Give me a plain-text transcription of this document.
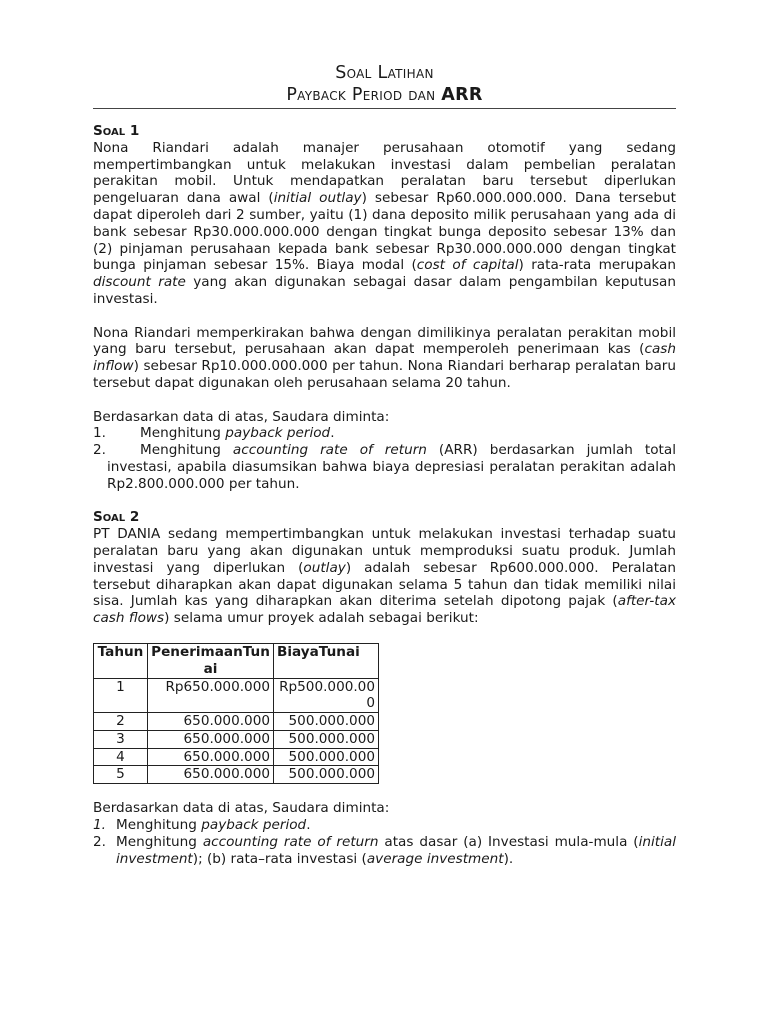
Soal Latihan
Payback Period dan ARR
Soal 1

Nona Riandari adalah manajer perusahaan otomotif yang sedang mempertimbangkan untuk melakukan investasi dalam pembelian peralatan perakitan mobil. Untuk mendapatkan peralatan baru tersebut diperlukan pengeluaran dana awal (initial outlay) sebesar Rp60.000.000.000. Dana tersebut dapat diperoleh dari 2 sumber, yaitu (1) dana deposito milik perusahaan yang ada di bank sebesar Rp30.000.000.000 dengan tingkat bunga deposito sebesar 13% dan (2) pinjaman perusahaan kepada bank sebesar Rp30.000.000.000 dengan tingkat bunga pinjaman sebesar 15%. Biaya modal (cost of capital) rata-rata merupakan discount rate yang akan digunakan sebagai dasar dalam pengambilan keputusan investasi.

Nona Riandari memperkirakan bahwa dengan dimilikinya peralatan perakitan mobil yang baru tersebut, perusahaan akan dapat memperoleh penerimaan kas (cash inflow) sebesar Rp10.000.000.000 per tahun. Nona Riandari berharap peralatan baru tersebut dapat digunakan oleh perusahaan selama 20 tahun.

Berdasarkan data di atas, Saudara diminta:
1.	Menghitung payback period.
2.	Menghitung accounting rate of return (ARR) berdasarkan jumlah total investasi, apabila diasumsikan bahwa biaya depresiasi peralatan perakitan adalah Rp2.800.000.000 per tahun.
Soal 2

PT DANIA sedang mempertimbangkan untuk melakukan investasi terhadap suatu peralatan baru yang akan digunakan untuk memproduksi suatu produk. Jumlah investasi yang diperlukan (outlay) adalah sebesar Rp600.000.000. Peralatan tersebut diharapkan akan dapat digunakan selama 5 tahun dan tidak memiliki nilai sisa. Jumlah kas yang diharapkan akan diterima setelah dipotong pajak (after-tax cash flows) selama umur proyek adalah sebagai berikut:

Tahun	PenerimaanTunai	BiayaTunai
1	Rp650.000.000	Rp500.000.000
2	650.000.000	500.000.000
3	650.000.000	500.000.000
4	650.000.000	500.000.000
5	650.000.000	500.000.000
Berdasarkan data di atas, Saudara diminta:
1. Menghitung payback period.
2. Menghitung accounting rate of return atas dasar (a) Investasi mula-mula (initial investment); (b) rata–rata investasi (average investment).
